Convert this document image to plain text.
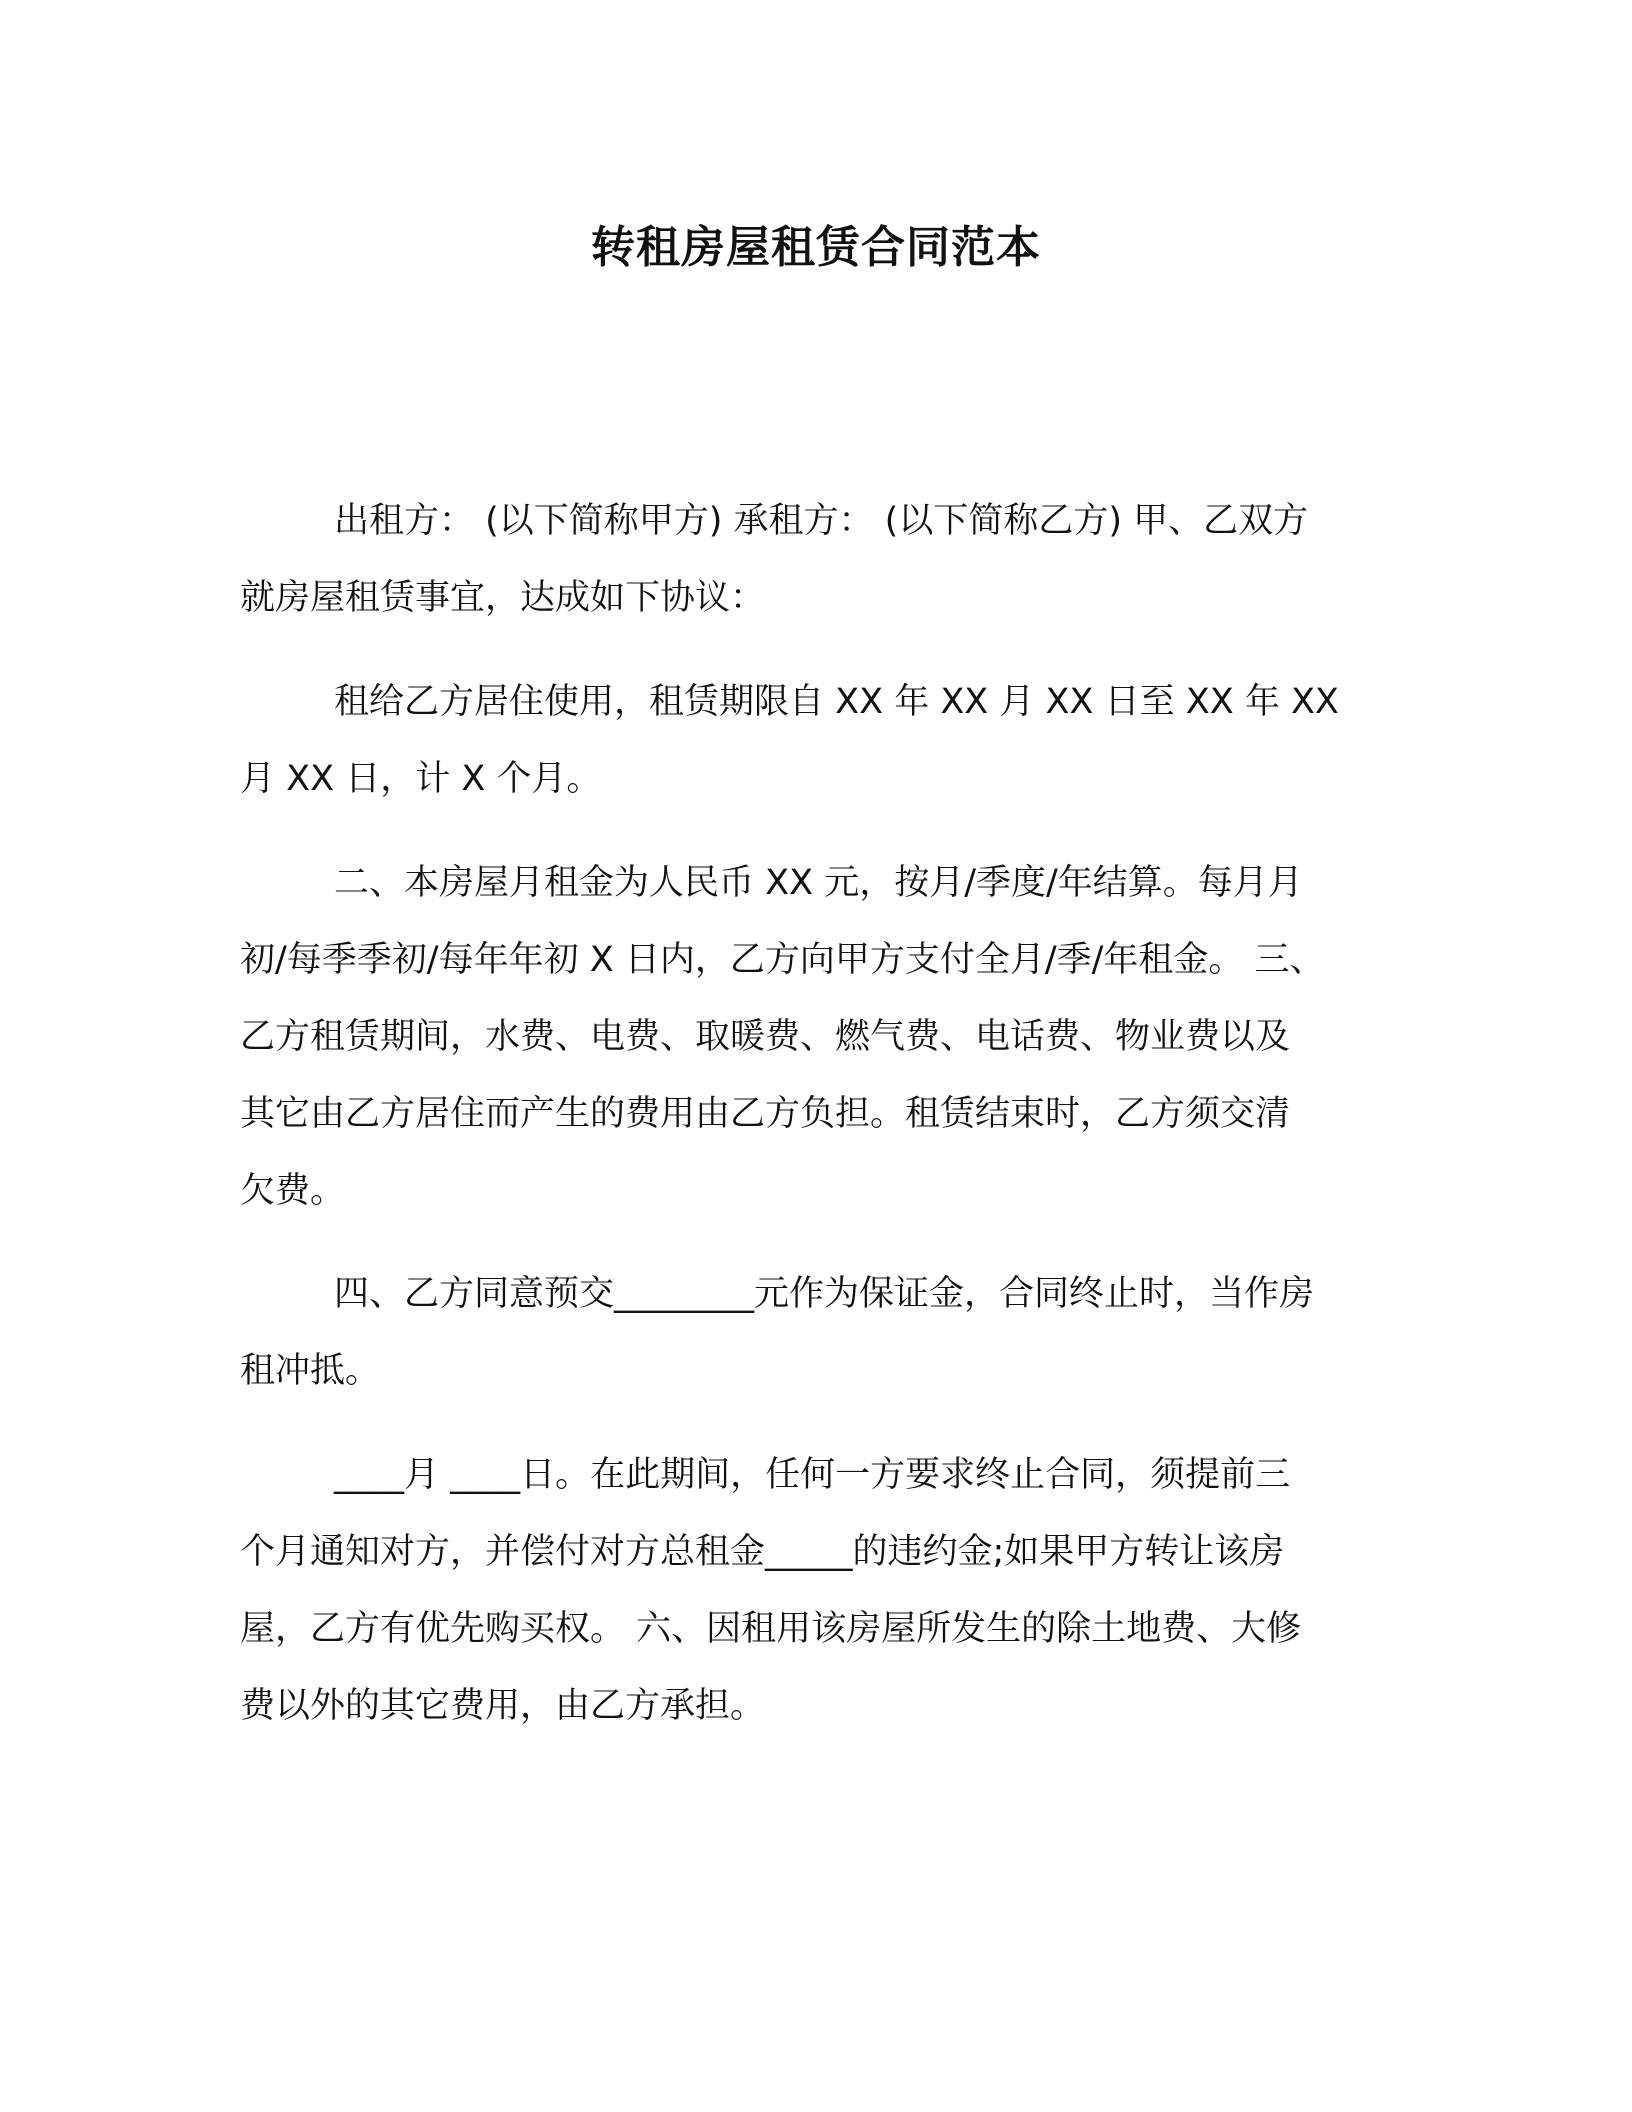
转租房屋租赁合同范本

出租方： (以下简称甲方) 承租方： (以下简称乙方) 甲、乙双方
就房屋租赁事宜，达成如下协议：

租给乙方居住使用，租赁期限自 XX 年 XX 月 XX 日至 XX 年 XX
月 XX 日，计 X 个月。

二、本房屋月租金为人民币 XX 元，按月/季度/年结算。每月月
初/每季季初/每年年初 X 日内，乙方向甲方支付全月/季/年租金。 三、
乙方租赁期间，水费、电费、取暖费、燃气费、电话费、物业费以及
其它由乙方居住而产生的费用由乙方负担。租赁结束时，乙方须交清
欠费。

四、乙方同意预交________元作为保证金，合同终止时，当作房
租冲抵。

____月 ____日。在此期间，任何一方要求终止合同，须提前三
个月通知对方，并偿付对方总租金_____的违约金;如果甲方转让该房
屋，乙方有优先购买权。 六、因租用该房屋所发生的除土地费、大修
费以外的其它费用，由乙方承担。
